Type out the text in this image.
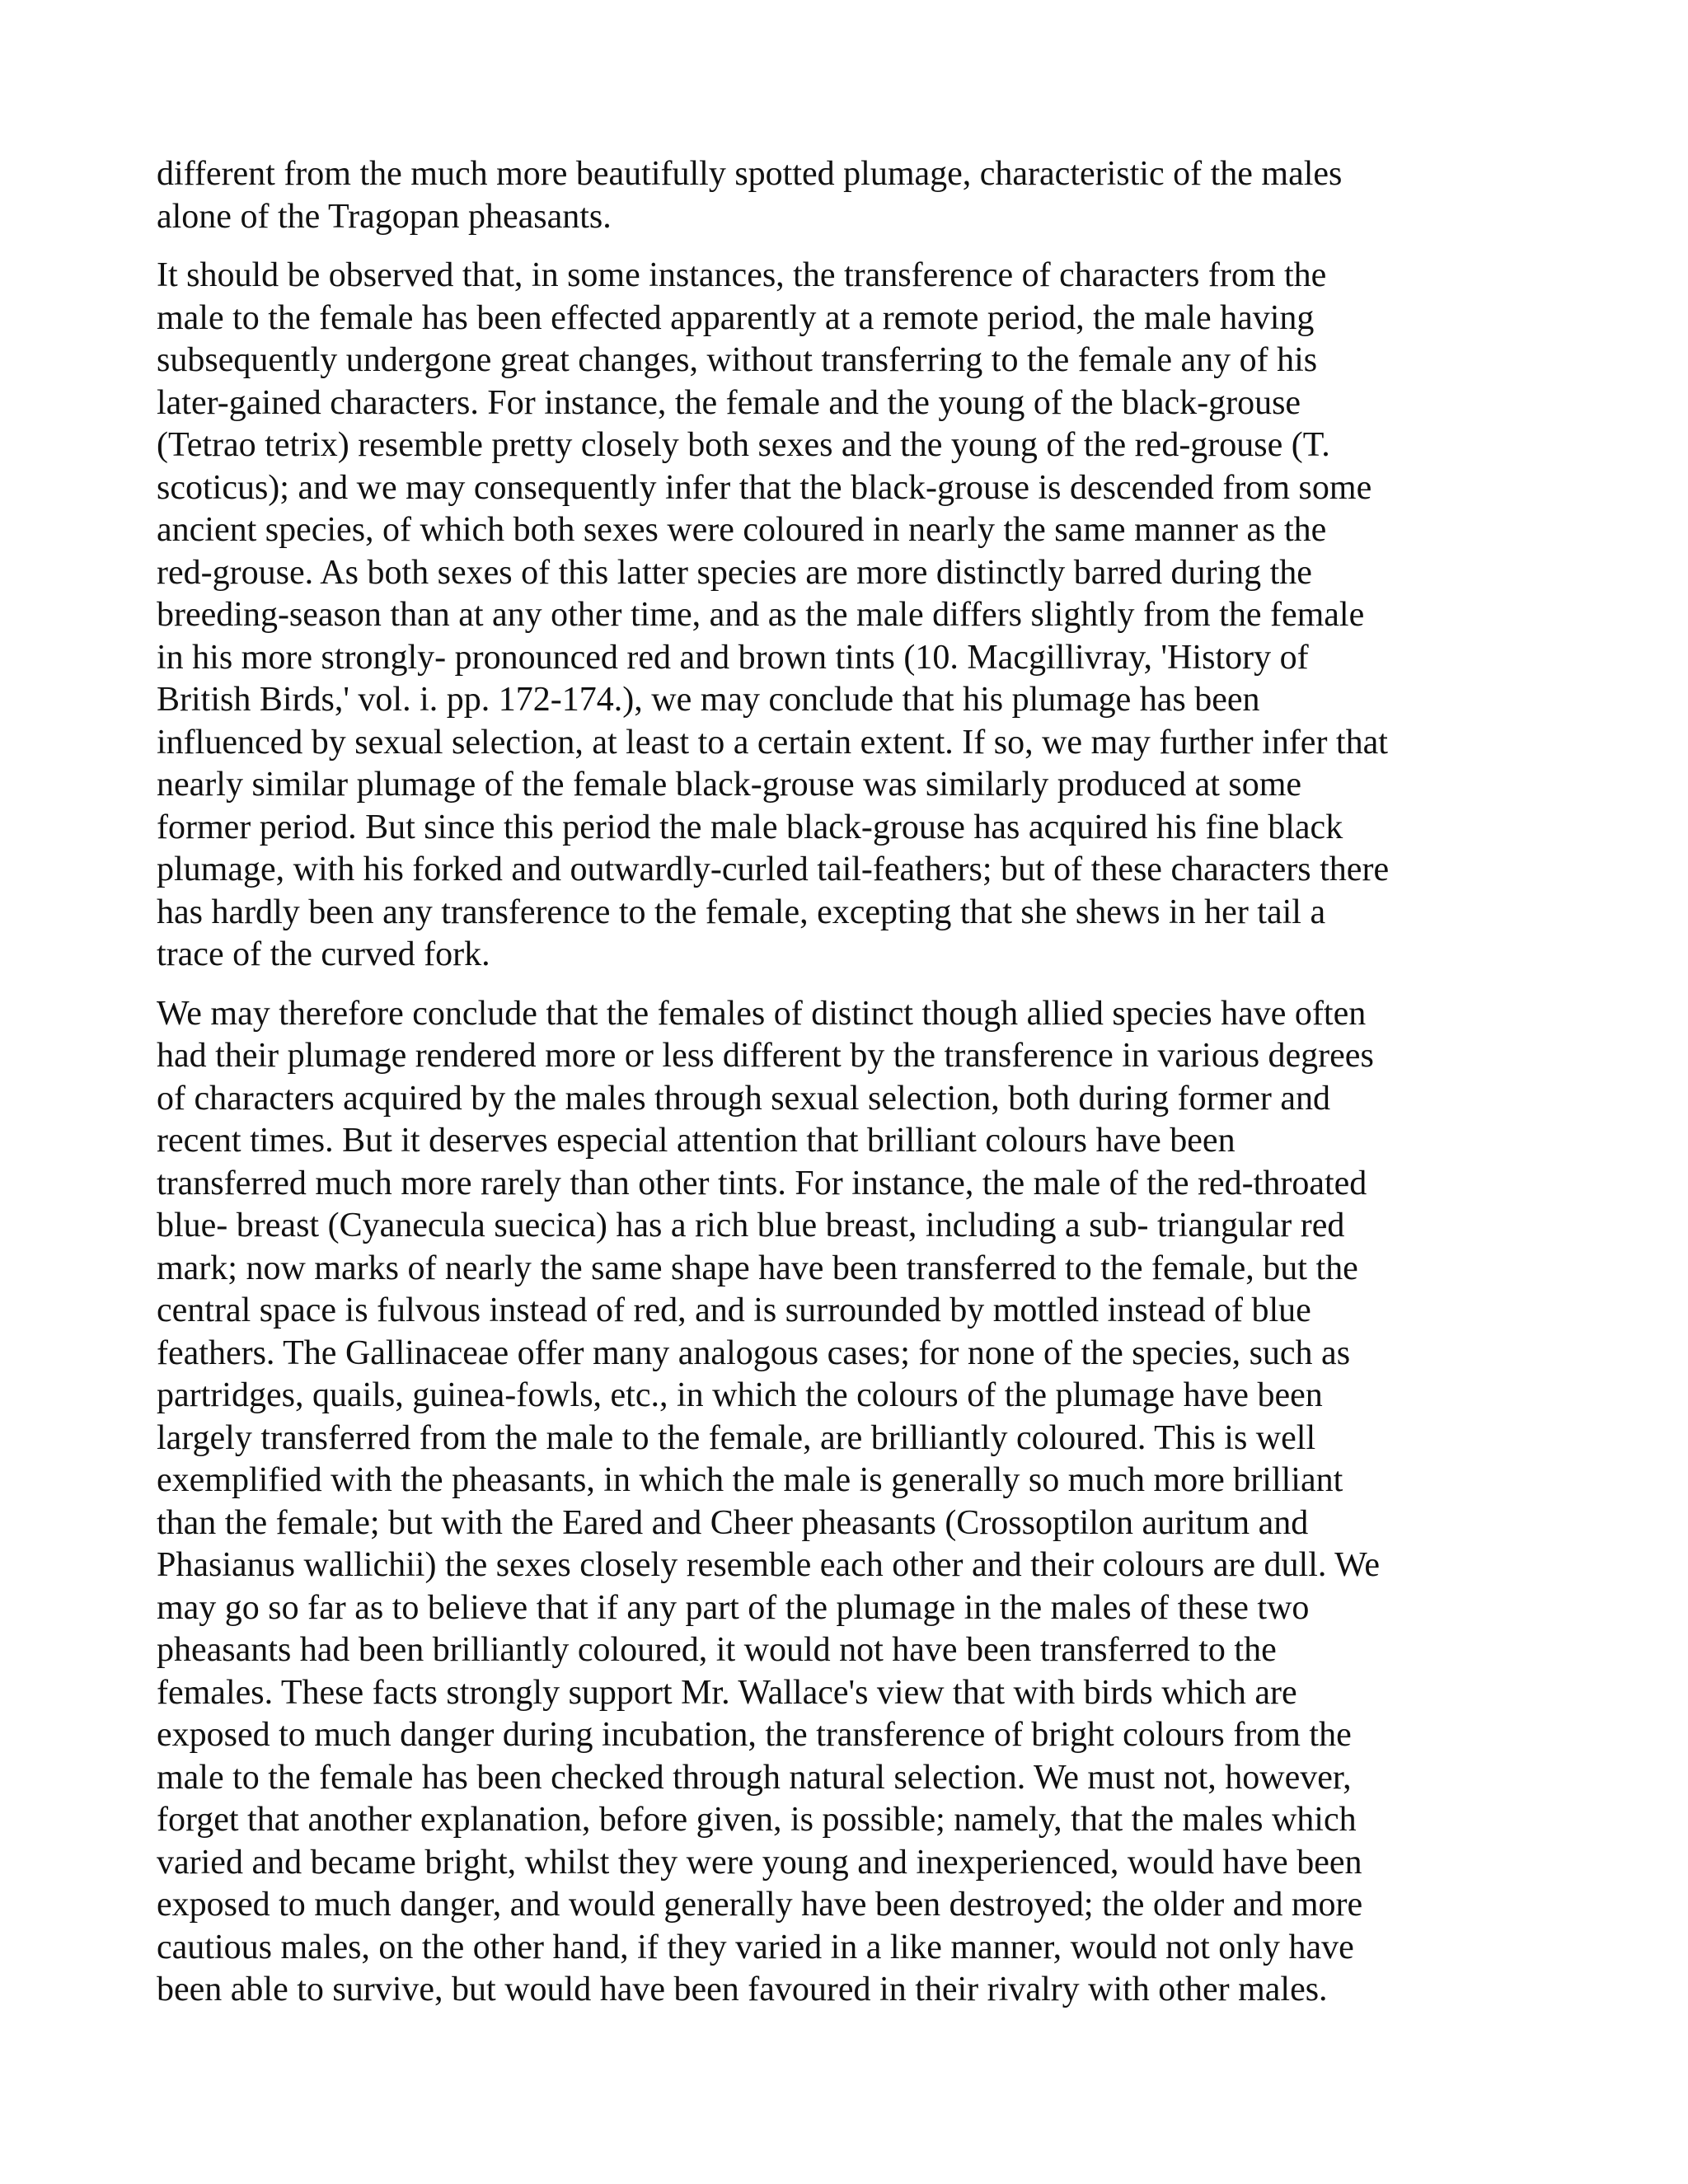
different from the much more beautifully spotted plumage, characteristic of the males
alone of the Tragopan pheasants.

It should be observed that, in some instances, the transference of characters from the
male to the female has been effected apparently at a remote period, the male having
subsequently undergone great changes, without transferring to the female any of his
later-gained characters. For instance, the female and the young of the black-grouse
(Tetrao tetrix) resemble pretty closely both sexes and the young of the red-grouse (T.
scoticus); and we may consequently infer that the black-grouse is descended from some
ancient species, of which both sexes were coloured in nearly the same manner as the
red-grouse. As both sexes of this latter species are more distinctly barred during the
breeding-season than at any other time, and as the male differs slightly from the female
in his more strongly- pronounced red and brown tints (10. Macgillivray, 'History of
British Birds,' vol. i. pp. 172-174.), we may conclude that his plumage has been
influenced by sexual selection, at least to a certain extent. If so, we may further infer that
nearly similar plumage of the female black-grouse was similarly produced at some
former period. But since this period the male black-grouse has acquired his fine black
plumage, with his forked and outwardly-curled tail-feathers; but of these characters there
has hardly been any transference to the female, excepting that she shews in her tail a
trace of the curved fork.

We may therefore conclude that the females of distinct though allied species have often
had their plumage rendered more or less different by the transference in various degrees
of characters acquired by the males through sexual selection, both during former and
recent times. But it deserves especial attention that brilliant colours have been
transferred much more rarely than other tints. For instance, the male of the red-throated
blue- breast (Cyanecula suecica) has a rich blue breast, including a sub- triangular red
mark; now marks of nearly the same shape have been transferred to the female, but the
central space is fulvous instead of red, and is surrounded by mottled instead of blue
feathers. The Gallinaceae offer many analogous cases; for none of the species, such as
partridges, quails, guinea-fowls, etc., in which the colours of the plumage have been
largely transferred from the male to the female, are brilliantly coloured. This is well
exemplified with the pheasants, in which the male is generally so much more brilliant
than the female; but with the Eared and Cheer pheasants (Crossoptilon auritum and
Phasianus wallichii) the sexes closely resemble each other and their colours are dull. We
may go so far as to believe that if any part of the plumage in the males of these two
pheasants had been brilliantly coloured, it would not have been transferred to the
females. These facts strongly support Mr. Wallace's view that with birds which are
exposed to much danger during incubation, the transference of bright colours from the
male to the female has been checked through natural selection. We must not, however,
forget that another explanation, before given, is possible; namely, that the males which
varied and became bright, whilst they were young and inexperienced, would have been
exposed to much danger, and would generally have been destroyed; the older and more
cautious males, on the other hand, if they varied in a like manner, would not only have
been able to survive, but would have been favoured in their rivalry with other males.
